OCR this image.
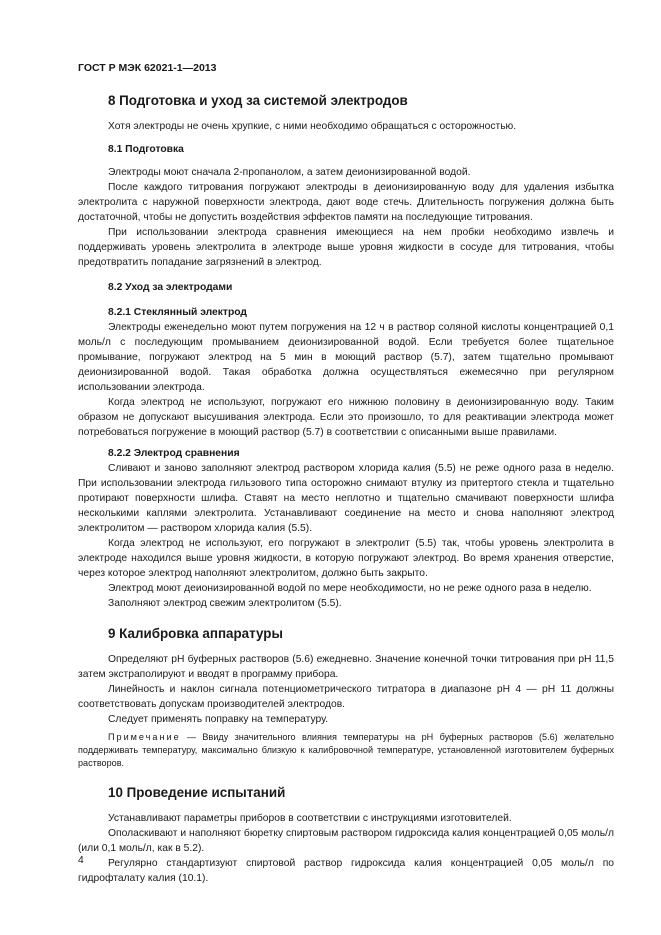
ГОСТ Р МЭК 62021-1—2013
8 Подготовка и уход за системой электродов

Хотя электроды не очень хрупкие, с ними необходимо обращаться с осторожностью.

8.1 Подготовка

Электроды моют сначала 2-пропанолом, а затем деионизированной водой.

После каждого титрования погружают электроды в деионизированную воду для удаления избытка электролита с наружной поверхности электрода, дают воде стечь. Длительность погружения должна быть достаточной, чтобы не допустить воздействия эффектов памяти на последующие титрования.

При использовании электрода сравнения имеющиеся на нем пробки необходимо извлечь и поддерживать уровень электролита в электроде выше уровня жидкости в сосуде для титрования, чтобы предотвратить попадание загрязнений в электрод.

8.2 Уход за электродами
8.2.1 Стеклянный электрод

Электроды еженедельно моют путем погружения на 12 ч в раствор соляной кислоты концентрацией 0,1 моль/л с последующим промыванием деионизированной водой. Если требуется более тщательное промывание, погружают электрод на 5 мин в моющий раствор (5.7), затем тщательно промывают деионизированной водой. Такая обработка должна осуществляться ежемесячно при регулярном использовании электрода.

Когда электрод не используют, погружают его нижнюю половину в деионизированную воду. Таким образом не допускают высушивания электрода. Если это произошло, то для реактивации электрода может потребоваться погружение в моющий раствор (5.7) в соответствии с описанными выше правилами.

8.2.2 Электрод сравнения

Сливают и заново заполняют электрод раствором хлорида калия (5.5) не реже одного раза в неделю. При использовании электрода гильзового типа осторожно снимают втулку из притертого стекла и тщательно протирают поверхности шлифа. Ставят на место неплотно и тщательно смачивают поверхности шлифа несколькими каплями электролита. Устанавливают соединение на место и снова наполняют электрод электролитом — раствором хлорида калия (5.5).

Когда электрод не используют, его погружают в электролит (5.5) так, чтобы уровень электролита в электроде находился выше уровня жидкости, в которую погружают электрод. Во время хранения отверстие, через которое электрод наполняют электролитом, должно быть закрыто.

Электрод моют деионизированной водой по мере необходимости, но не реже одного раза в неделю.

Заполняют электрод свежим электролитом (5.5).

9 Калибровка аппаратуры

Определяют pH буферных растворов (5.6) ежедневно. Значение конечной точки титрования при pH 11,5 затем экстраполируют и вводят в программу прибора.

Линейность и наклон сигнала потенциометрического титратора в диапазоне pH 4 — pH 11 должны соответствовать допускам производителей электродов.

Следует применять поправку на температуру.

Примечание — Ввиду значительного влияния температуры на pH буферных растворов (5.6) желательно поддерживать температуру, максимально близкую к калибровочной температуре, установленной изготовителем буферных растворов.

10 Проведение испытаний

Устанавливают параметры приборов в соответствии с инструкциями изготовителей.

Ополаскивают и наполняют бюретку спиртовым раствором гидроксида калия концентрацией 0,05 моль/л (или 0,1 моль/л, как в 5.2).

Регулярно стандартизуют спиртовой раствор гидроксида калия концентрацией 0,05 моль/л по гидрофталату калия (10.1).

4
